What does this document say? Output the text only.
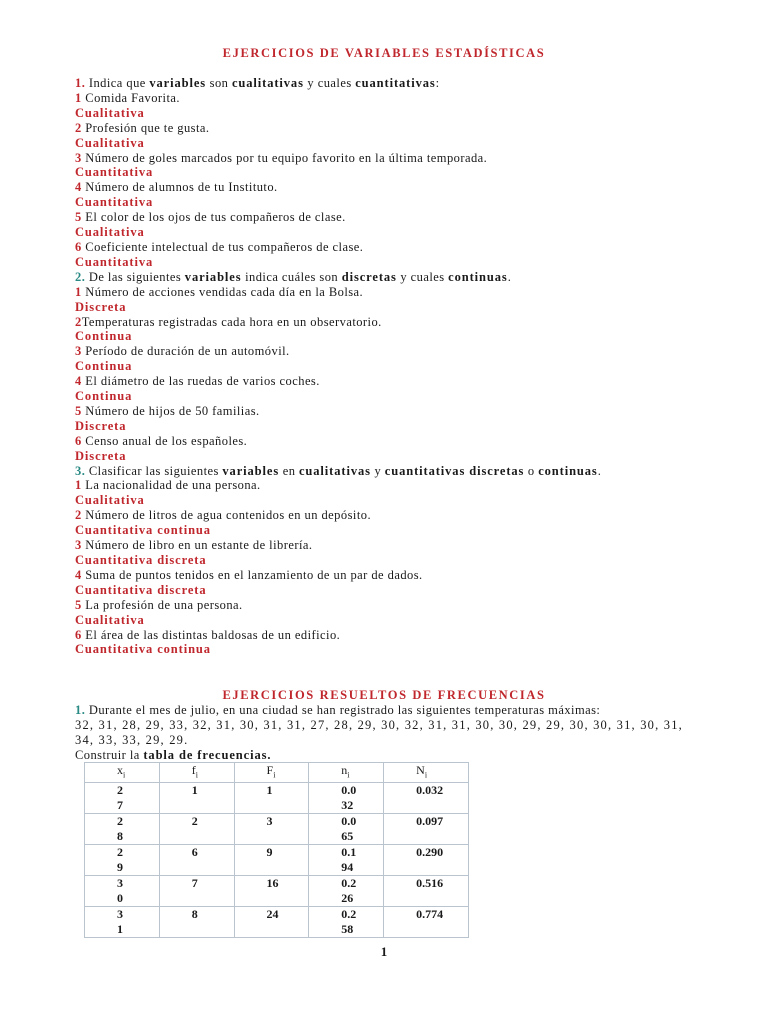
EJERCICIOS DE VARIABLES ESTADÍSTICAS
1. Indica que variables son cualitativas y cuales cuantitativas:
1 Comida Favorita.
Cualitativa
2 Profesión que te gusta.
Cualitativa
3 Número de goles marcados por tu equipo favorito en la última temporada.
Cuantitativa
4 Número de alumnos de tu Instituto.
Cuantitativa
5 El color de los ojos de tus compañeros de clase.
Cualitativa
6 Coeficiente intelectual de tus compañeros de clase.
Cuantitativa
2. De las siguientes variables indica cuáles son discretas y cuales continuas.
1 Número de acciones vendidas cada día en la Bolsa.
Discreta
2Temperaturas registradas cada hora en un observatorio.
Continua
3 Período de duración de un automóvil.
Continua
4 El diámetro de las ruedas de varios coches.
Continua
5 Número de hijos de 50 familias.
Discreta
6 Censo anual de los españoles.
Discreta
3. Clasificar las siguientes variables en cualitativas y cuantitativas discretas o continuas.
1 La nacionalidad de una persona.
Cualitativa
2 Número de litros de agua contenidos en un depósito.
Cuantitativa continua
3 Número de libro en un estante de librería.
Cuantitativa discreta
4 Suma de puntos tenidos en el lanzamiento de un par de dados.
Cuantitativa discreta
5 La profesión de una persona.
Cualitativa
6 El área de las distintas baldosas de un edificio.
Cuantitativa continua
EJERCICIOS RESUELTOS DE FRECUENCIAS
1. Durante el mes de julio, en una ciudad se han registrado las siguientes temperaturas máximas:
32, 31, 28, 29, 33, 32, 31, 30, 31, 31, 27, 28, 29, 30, 32, 31, 31, 30, 30, 29, 29, 30, 30, 31, 30, 31,
34, 33, 33, 29, 29.
Construir la tabla de frecuencias.
$x_i$	$f_i$	$F_i$	$n_i$	$N_i$
27	1	1	0.032	0.032
28	2	3	0.065	0.097
29	6	9	0.194	0.290
30	7	16	0.226	0.516
31	8	24	0.258	0.774
1
